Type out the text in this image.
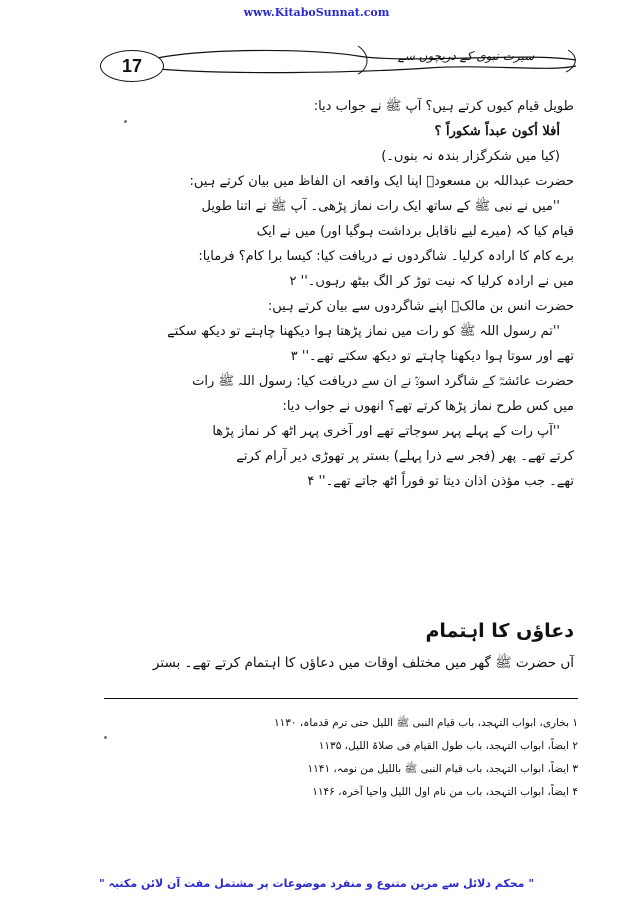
www.KitaboSunnat.com
17	سیرت نبوی کے دریچوں سے
طویل قیام کیوں کرتے ہیں؟ آپ ﷺ نے جواب دیا:
أفلا أكون عبداً شكوراً ؟
(کیا میں شکرگزار بندہ نہ بنوں۔)
حضرت عبداللہ بن مسعودؓ اپنا ایک واقعہ ان الفاظ میں بیان کرتے ہیں:
''میں نے نبی ﷺ کے ساتھ ایک رات نماز پڑھی۔ آپ ﷺ نے اتنا طویل
قیام کیا کہ (میرے لیے ناقابل برداشت ہوگیا اور) میں نے ایک
برے کام کا ارادہ کرلیا۔ شاگردوں نے دریافت کیا: کیسا برا کام؟ فرمایا:
میں نے ارادہ کرلیا کہ نیت توڑ کر الگ بیٹھ رہوں۔'' ۲
حضرت انس بن مالکؓ اپنے شاگردوں سے بیان کرتے ہیں:
''تم رسول اللہ ﷺ کو رات میں نماز پڑھتا ہوا دیکھنا چاہتے تو دیکھ سکتے
تھے اور سوتا ہوا دیکھنا چاہتے تو دیکھ سکتے تھے۔'' ۳
حضرت عائشہؓ کے شاگرد اسودؒ نے ان سے دریافت کیا: رسول اللہ ﷺ رات
میں کس طرح نماز پڑھا کرتے تھے؟ انھوں نے جواب دیا:
''آپ رات کے پہلے پہر سوجاتے تھے اور آخری پہر اٹھ کر نماز پڑھا
کرتے تھے۔ پھر (فجر سے ذرا پہلے) بستر پر تھوڑی دیر آرام کرتے
تھے۔ جب مؤذن اذان دیتا تو فوراً اٹھ جاتے تھے۔'' ۴
دعاؤں کا اہتمام
آں حضرت ﷺ گھر میں مختلف اوقات میں دعاؤں کا اہتمام کرتے تھے۔ بستر
۱ بخاری، ابواب التہجد، باب قیام النبی ﷺ اللیل حتی ترم قدماہ، ۱۱۳۰
۲ ایضاً، ابواب التہجد، باب طول القیام فی صلاۃ اللیل، ۱۱۳۵
۳ ایضاً، ابواب التہجد، باب قیام النبی ﷺ باللیل من نومہ، ۱۱۴۱
۴ ایضاً، ابواب التہجد، باب من نام اول اللیل واحیا آخرہ، ۱۱۴۶
" محکم دلائل سے مزین متنوع و منفرد موضوعات پر مشتمل مفت آن لائن مکتبہ "
